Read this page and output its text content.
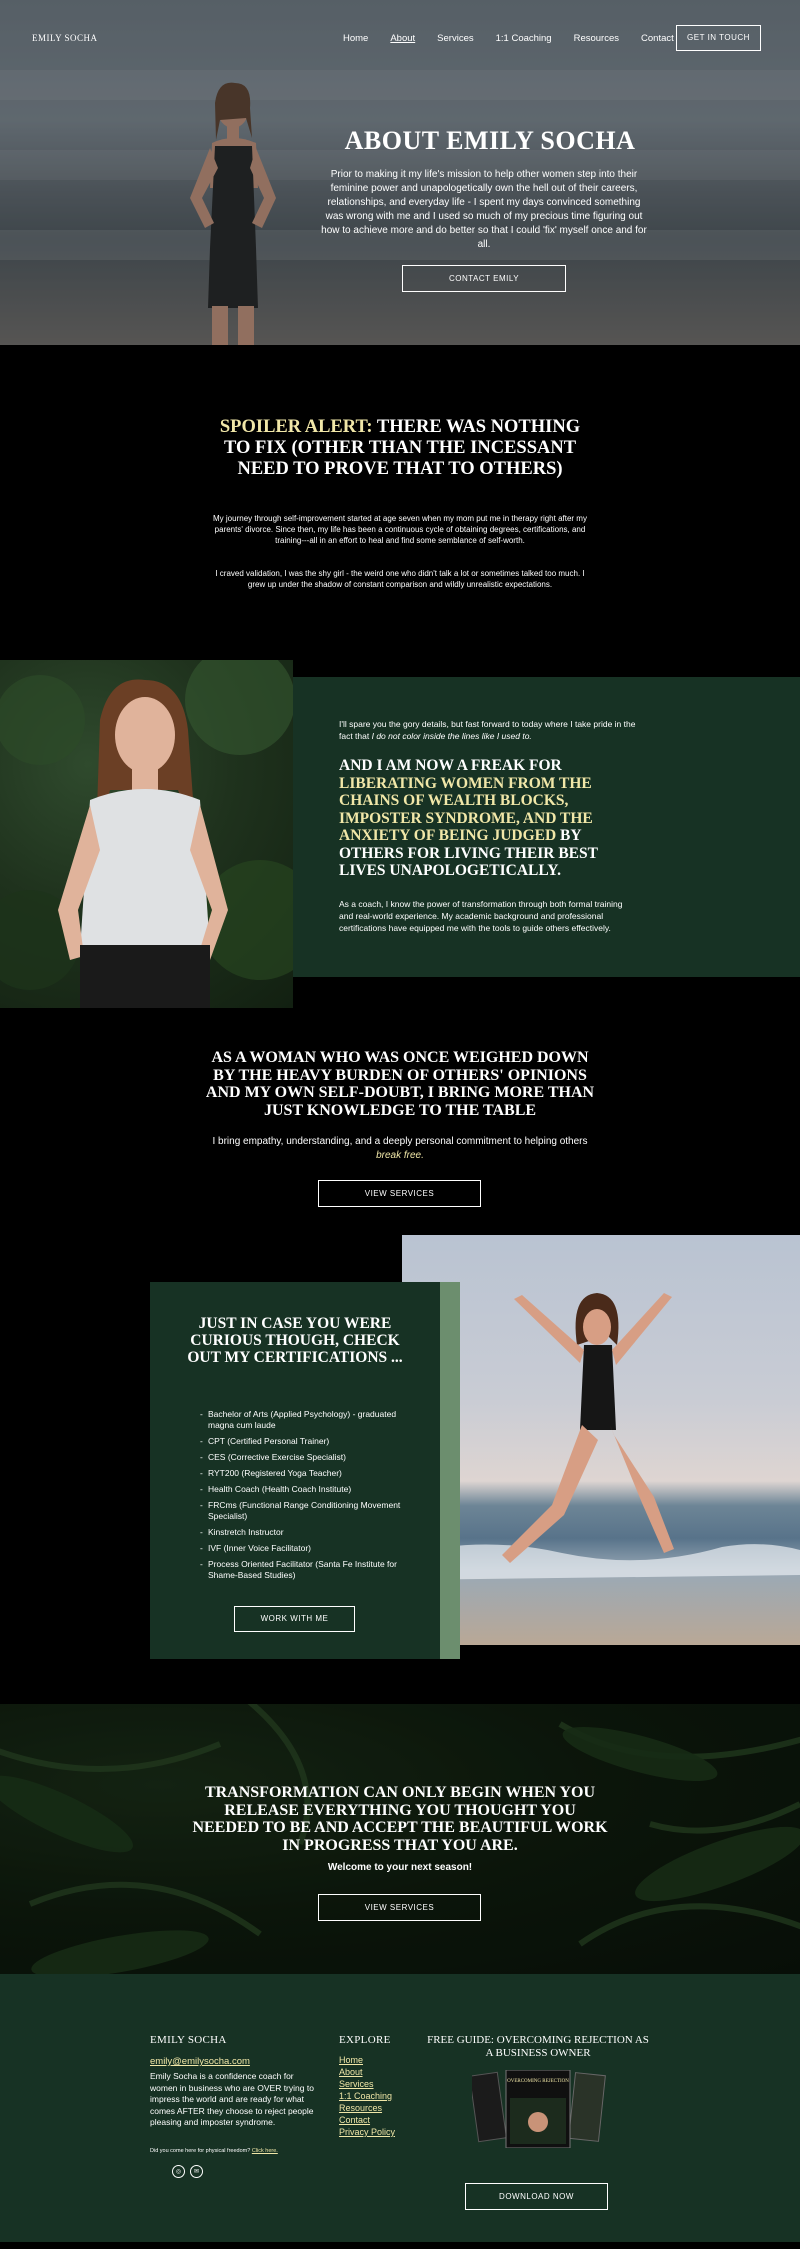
EMILY SOCHA	Home About Services 1:1 Coaching Resources Contact	GET IN TOUCH
ABOUT EMILY SOCHA

Prior to making it my life's mission to help other women step into their feminine power and unapologetically own the hell out of their careers, relationships, and everyday life - I spent my days convinced something was wrong with me and I used so much of my precious time figuring out how to achieve more and do better so that I could 'fix' myself once and for all.

CONTACT EMILY
SPOILER ALERT: THERE WAS NOTHING TO FIX (OTHER THAN THE INCESSANT NEED TO PROVE THAT TO OTHERS)

My journey through self-improvement started at age seven when my mom put me in therapy right after my parents' divorce. Since then, my life has been a continuous cycle of obtaining degrees, certifications, and training---all in an effort to heal and find some semblance of self-worth.

I craved validation, I was the shy girl - the weird one who didn't talk a lot or sometimes talked too much. I grew up under the shadow of constant comparison and wildly unrealistic expectations.

I'll spare you the gory details, but fast forward to today where I take pride in the fact that I do not color inside the lines like I used to.

AND I AM NOW A FREAK FOR LIBERATING WOMEN FROM THE CHAINS OF WEALTH BLOCKS, IMPOSTER SYNDROME, AND THE ANXIETY OF BEING JUDGED BY OTHERS FOR LIVING THEIR BEST LIVES UNAPOLOGETICALLY.

As a coach, I know the power of transformation through both formal training and real-world experience. My academic background and professional certifications have equipped me with the tools to guide others effectively.

AS A WOMAN WHO WAS ONCE WEIGHED DOWN BY THE HEAVY BURDEN OF OTHERS' OPINIONS AND MY OWN SELF-DOUBT, I BRING MORE THAN JUST KNOWLEDGE TO THE TABLE

I bring empathy, understanding, and a deeply personal commitment to helping others break free.

VIEW SERVICES
JUST IN CASE YOU WERE CURIOUS THOUGH, CHECK OUT MY CERTIFICATIONS ...
- Bachelor of Arts (Applied Psychology) - graduated magna cum laude
- CPT (Certified Personal Trainer)
- CES (Corrective Exercise Specialist)
- RYT200 (Registered Yoga Teacher)
- Health Coach (Health Coach Institute)
- FRCms (Functional Range Conditioning Movement Specialist)
- Kinstretch Instructor
- IVF (Inner Voice Facilitator)
- Process Oriented Facilitator (Santa Fe Institute for Shame-Based Studies)
WORK WITH ME
TRANSFORMATION CAN ONLY BEGIN WHEN YOU RELEASE EVERYTHING YOU THOUGHT YOU NEEDED TO BE AND ACCEPT THE BEAUTIFUL WORK IN PROGRESS THAT YOU ARE.

Welcome to your next season!

VIEW SERVICES
EMILY SOCHA
emily@emilysocha.com

Emily Socha is a confidence coach for women in business who are OVER trying to impress the world and are ready for what comes AFTER they choose to reject people pleasing and imposter syndrome.

Did you come here for physical freedom? Click here.

◎	✉
EXPLORE
Home
About
Services
1:1 Coaching
Resources
Contact
Privacy Policy
FREE GUIDE: OVERCOMING REJECTION AS A BUSINESS OWNER
OVERCOMING REJECTION
DOWNLOAD NOW
